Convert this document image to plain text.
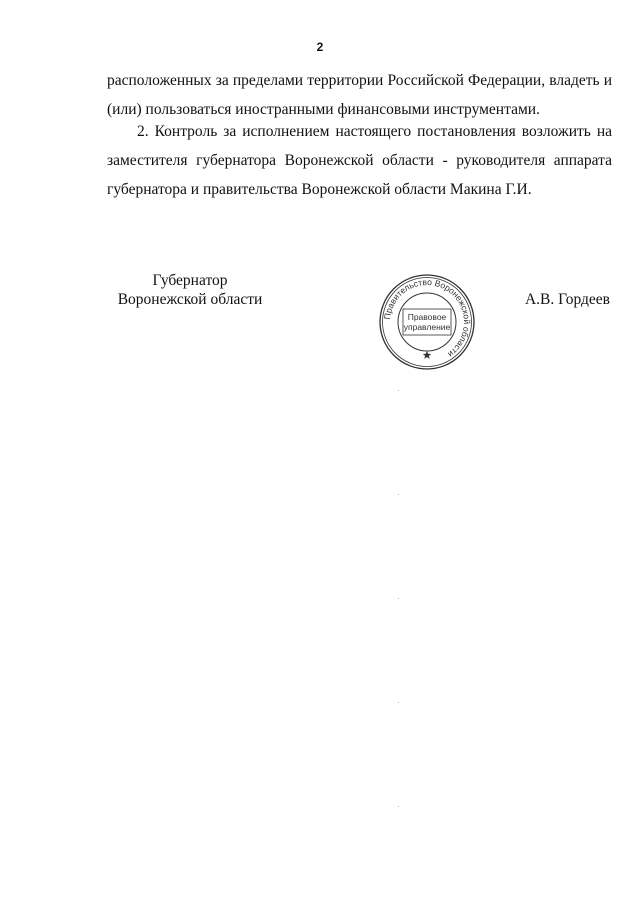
2

расположенных за пределами территории Российской Федерации, владеть и (или) пользоваться иностранными финансовыми инструментами.

2. Контроль за исполнением настоящего постановления возложить на заместителя губернатора Воронежской области - руководителя аппарата губернатора и правительства Воронежской области Макина Г.И.

Губернатор
Воронежской области
Правительство Воронежской области
Правовое
управление
А.В. Гордеев
